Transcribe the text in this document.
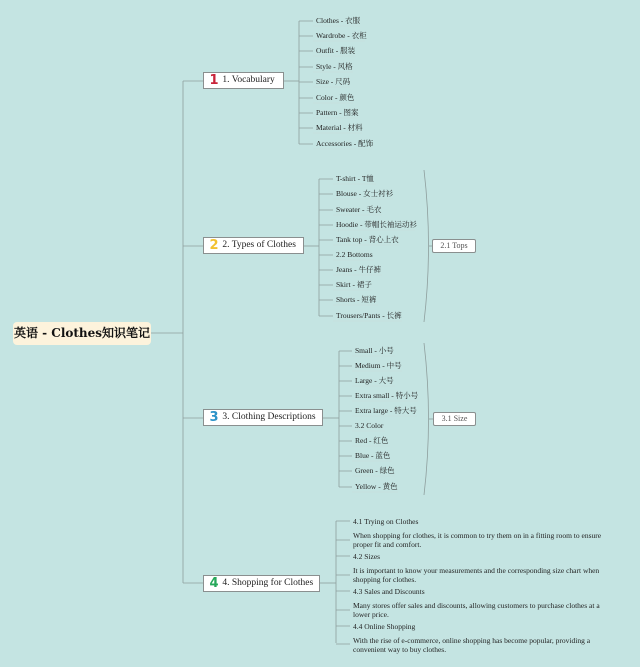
英语 - Clothes知识笔记
1 1. Vocabulary
Clothes - 衣服
Wardrobe - 衣柜
Outfit - 服装
Style - 风格
Size - 尺码
Color - 颜色
Pattern - 图案
Material - 材料
Accessories - 配饰
2 2. Types of Clothes
T-shirt - T恤
Blouse - 女士衬衫
Sweater - 毛衣
Hoodie - 带帽长袖运动衫
Tank top - 背心上衣
2.2 Bottoms
Jeans - 牛仔裤
Skirt - 裙子
Shorts - 短裤
Trousers/Pants - 长裤
2.1 Tops
3 3. Clothing Descriptions
Small - 小号
Medium - 中号
Large - 大号
Extra small - 特小号
Extra large - 特大号
3.2 Color
Red - 红色
Blue - 蓝色
Green - 绿色
Yellow - 黄色
3.1 Size
4 4. Shopping for Clothes
4.1 Trying on Clothes
When shopping for clothes, it is common to try them on in a fitting room to ensure proper fit and comfort.
4.2 Sizes
It is important to know your measurements and the corresponding size chart when shopping for clothes.
4.3 Sales and Discounts
Many stores offer sales and discounts, allowing customers to purchase clothes at a lower price.
4.4 Online Shopping
With the rise of e-commerce, online shopping has become popular, providing a convenient way to buy clothes.
